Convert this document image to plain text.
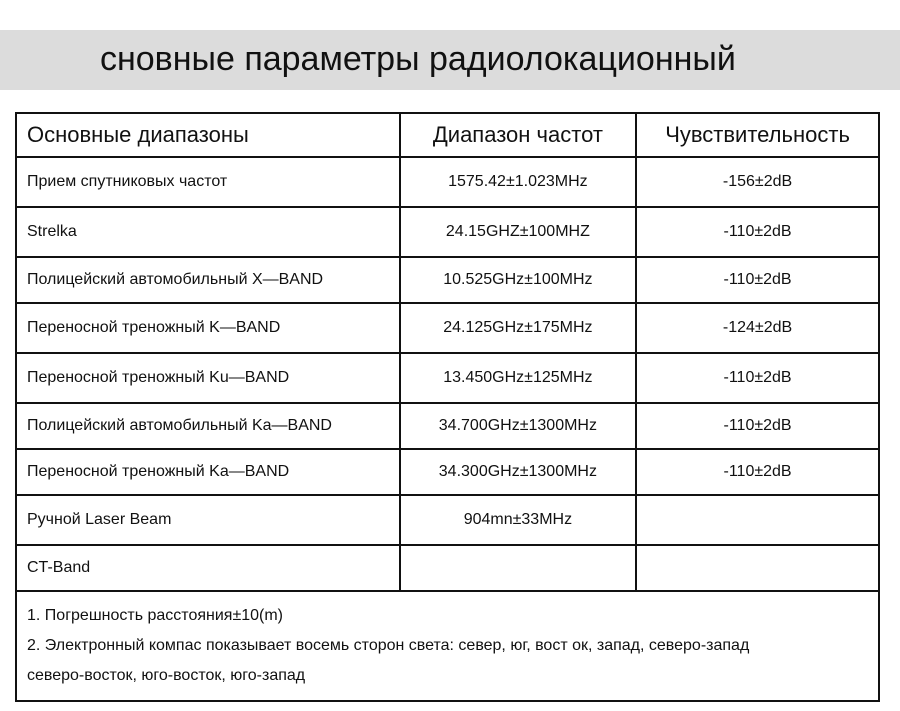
сновные параметры радиолокационный
Основные диапазоны	Диапазон частот	Чувствительность
Прием спутниковых частот	1575.42±1.023MHz	-156±2dB
Strelka	24.15GHZ±100MHZ	-110±2dB
Полицейский автомобильный X—BAND	10.525GHz±100MHz	-110±2dB
Переносной треножный K—BAND	24.125GHz±175MHz	-124±2dB
Переносной треножный Ku—BAND	13.450GHz±125MHz	-110±2dB
Полицейский автомобильный Ka—BAND	34.700GHz±1300MHz	-110±2dB
Переносной треножный Ka—BAND	34.300GHz±1300MHz	-110±2dB
Ручной Laser Beam	904mn±33MHz	
CT-Band		

1. Погрешность расстояния±10(m)
2. Электронный компас показывает восемь сторон света: север, юг, вост ок, запад, северо-запад
северо-восток, юго-восток, юго-запад		
